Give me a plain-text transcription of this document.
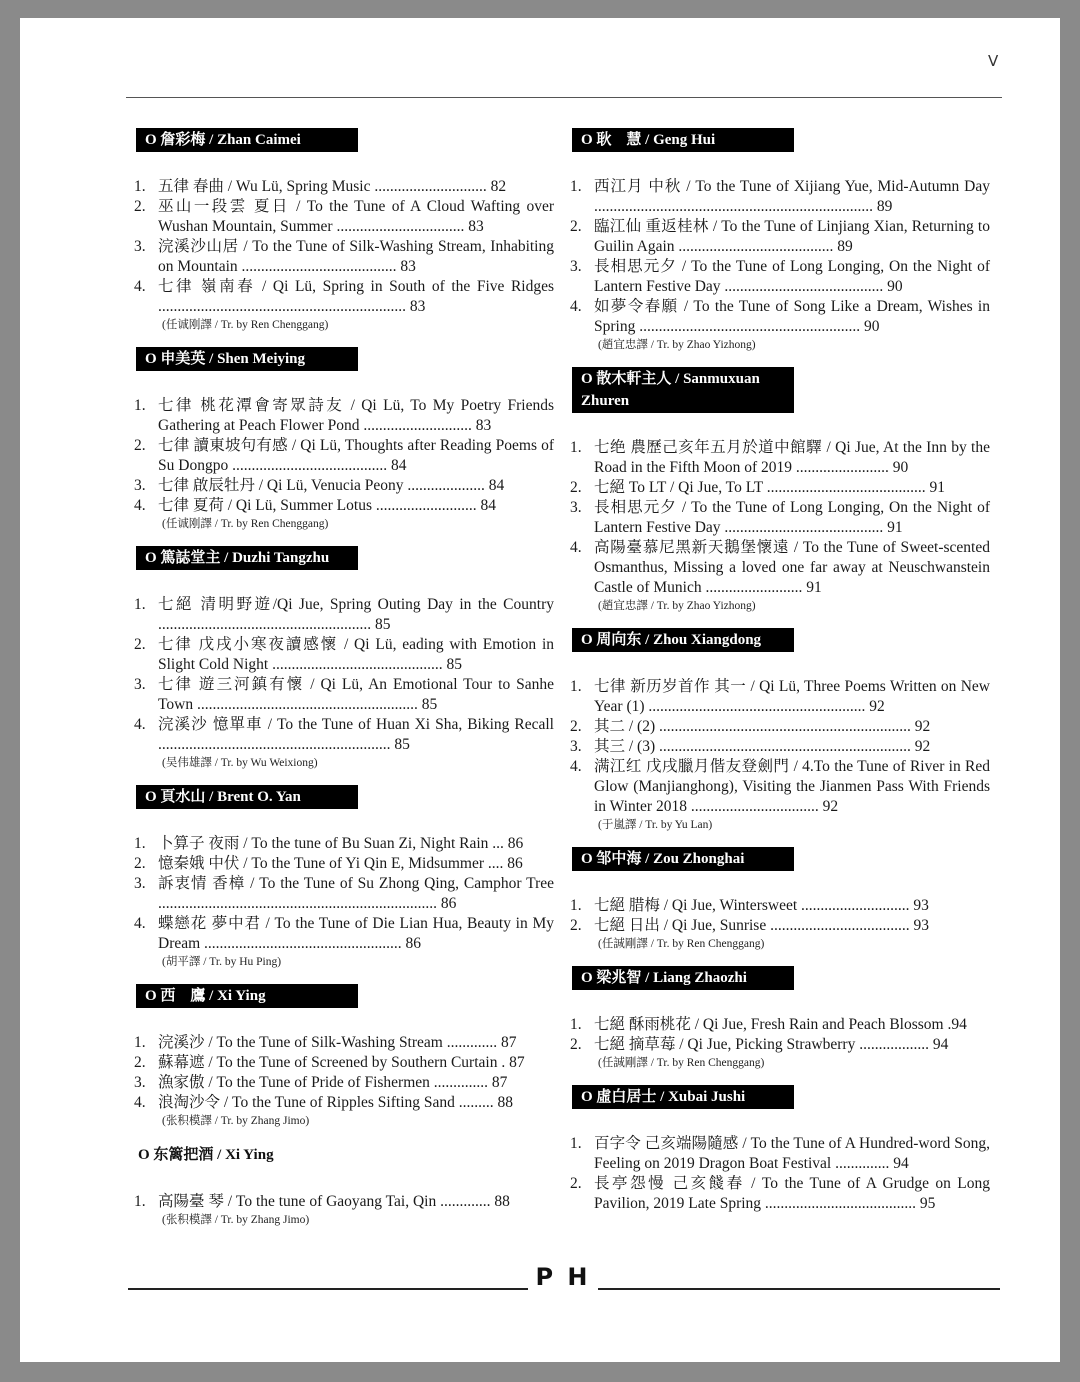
V
O 詹彩梅 / Zhan Caimei
1. 五律 春曲 / Wu Lü, Spring Music ............................. 82
2. 巫山一段雲 夏日 / To the Tune of A Cloud Wafting over Wushan Mountain, Summer ................................. 83
3. 浣溪沙山居 / To the Tune of Silk-Washing Stream, Inhabiting on Mountain ........................................ 83
4. 七律 嶺南春 / Qi Lü, Spring in South of the Five Ridges ................................................................ 83
(任诚刚譯 / Tr. by Ren Chenggang)
O 申美英 / Shen Meiying
1. 七律 桃花潭會寄眾詩友 / Qi Lü, To My Poetry Friends Gathering at Peach Flower Pond ............................ 83
2. 七律 讀東坡句有感 / Qi Lü, Thoughts after Reading Poems of Su Dongpo ........................................ 84
3. 七律 啟辰牡丹 / Qi Lü, Venucia Peony .................... 84
4. 七律 夏荷 / Qi Lü, Summer Lotus .......................... 84
(任诚刚譯 / Tr. by Ren Chenggang)
O 篤誌堂主 / Duzhi Tangzhu
1. 七絕 清明野遊/Qi Jue, Spring Outing Day in the Country ....................................................... 85
2. 七律 戊戌小寒夜讀感懷 / Qi Lü, eading with Emotion in Slight Cold Night ............................................ 85
3. 七律 遊三河鎮有懷 / Qi Lü, An Emotional Tour to Sanhe Town ......................................................... 85
4. 浣溪沙 憶單車 / To the Tune of Huan Xi Sha, Biking Recall ............................................................ 85
(吴伟雄譯 / Tr. by Wu Weixiong)
O 頁水山 / Brent O. Yan
1. 卜算子 夜雨 / To the tune of Bu Suan Zi, Night Rain ... 86
2. 憶秦娥 中伏 / To the Tune of Yi Qin E, Midsummer .... 86
3. 訴衷情 香樟 / To the Tune of Su Zhong Qing, Camphor Tree ........................................................................ 86
4. 蝶戀花 夢中君 / To the Tune of Die Lian Hua, Beauty in My Dream ................................................... 86
(胡平譯 / Tr. by Hu Ping)
O 西　鷹 / Xi Ying
1. 浣溪沙 / To the Tune of Silk-Washing Stream ............. 87
2. 蘇幕遮 / To the Tune of Screened by Southern Curtain . 87
3. 漁家傲 / To the Tune of Pride of Fishermen .............. 87
4. 浪淘沙令 / To the Tune of Ripples Sifting Sand ......... 88
(张积模譯 / Tr. by Zhang Jimo)
O 东篱把酒 / Xi Ying
1. 高陽臺 琴 / To the tune of Gaoyang Tai, Qin ............. 88
(张积模譯 / Tr. by Zhang Jimo)
O 耿　慧 / Geng Hui
1. 西江月 中秋 / To the Tune of Xijiang Yue, Mid-Autumn Day ........................................................................ 89
2. 臨江仙 重返桂林 / To the Tune of Linjiang Xian, Returning to Guilin Again ........................................ 89
3. 長相思元夕 / To the Tune of Long Longing, On the Night of Lantern Festive Day ......................................... 90
4. 如夢令春願 / To the Tune of Song Like a Dream, Wishes in Spring ......................................................... 90
(趙宜忠譯 / Tr. by Zhao Yizhong)
O 散木軒主人 / Sanmuxuan Zhuren
1. 七绝 農歷己亥年五月於道中館驛 / Qi Jue, At the Inn by the Road in the Fifth Moon of 2019 ........................ 90
2. 七絕 To LT / Qi Jue, To LT ......................................... 91
3. 長相思元夕 / To the Tune of Long Longing, On the Night of Lantern Festive Day ......................................... 91
4. 高陽臺慕尼黑新天鵝堡懷遠 / To the Tune of Sweet-scented Osmanthus, Missing a loved one far away at Neuschwanstein Castle of Munich ......................... 91
(趙宜忠譯 / Tr. by Zhao Yizhong)
O 周向东 / Zhou Xiangdong
1. 七律 新历岁首作 其一 / Qi Lü, Three Poems Written on New Year (1) ........................................................ 92
2. 其二 / (2) ................................................................. 92
3. 其三 / (3) ................................................................. 92
4. 满江红 戊戌臘月偕友登劍門 / 4.To the Tune of River in Red Glow (Manjianghong), Visiting the Jianmen Pass With Friends in Winter 2018 ................................. 92
(于嵐譯 / Tr. by Yu Lan)
O 邹中海 / Zou Zhonghai
1. 七絕 腊梅 / Qi Jue, Wintersweet ............................ 93
2. 七絕 日出 / Qi Jue, Sunrise .................................... 93
(任誠剛譯 / Tr. by Ren Chenggang)
O 梁兆智 / Liang Zhaozhi
1. 七絕 酥雨桃花 / Qi Jue, Fresh Rain and Peach Blossom .94
2. 七絕 摘草莓 / Qi Jue, Picking Strawberry .................. 94
(任誠剛譯 / Tr. by Ren Chenggang)
O 虛白居士 / Xubai Jushi
1. 百字令 己亥端陽隨感 / To the Tune of A Hundred-word Song, Feeling on 2019 Dragon Boat Festival .............. 94
2. 長亭怨慢 己亥餞春 / To the Tune of A Grudge on Long Pavilion, 2019 Late Spring ....................................... 95
P H
